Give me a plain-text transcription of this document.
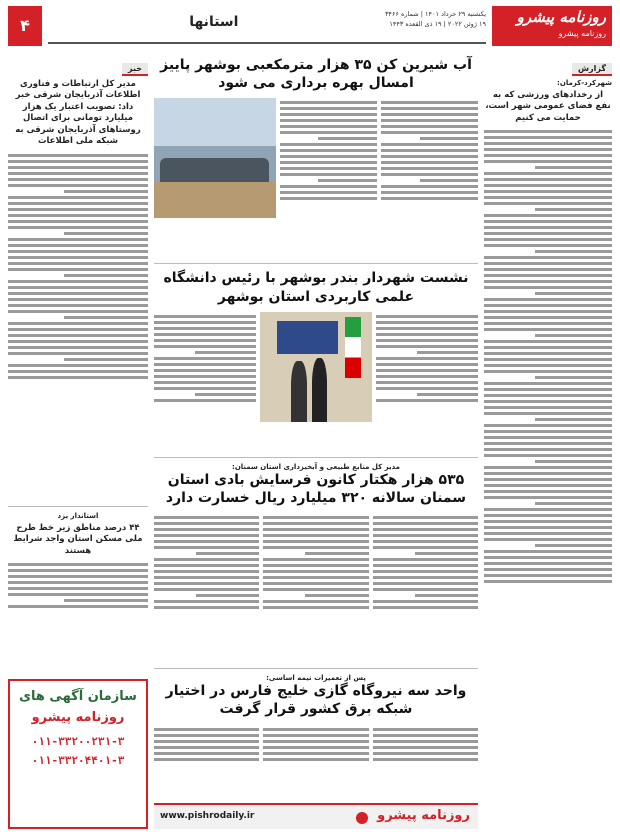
روزنامه پیشرو
روزنامه پیشرو
یکشنبه ۲۹ خرداد ۱۴۰۱ | شماره ۳۴۶۶
۱۹ ژوئن ۲۰۲۲ | ۱۹ ذی القعده ۱۴۴۳
استانها
۴
گزارش
شهرکرد-کرمان:
از رخدادهای ورزشی که به نفع فضای عمومی شهر است، حمایت می کنیم
خبر
مدیر کل ارتباطات و فناوری اطلاعات آذربایجان شرقی خبر داد: تصویب اعتبار یک هزار میلیارد تومانی برای اتصال روستاهای آذربایجان شرقی به شبکه ملی اطلاعات
استاندار یزد
۴۴ درصد مناطق زیر خط طرح ملی مسکن استان واجد شرایط هستند
سازمان آگهی های
روزنامه پیشرو
۰۱۱-۳۳۲۰۰۲۳۱-۳
۰۱۱-۳۳۲۰۴۴۰۱-۳
آب شیرین کن ۳۵ هزار مترمکعبی بوشهر پاییز امسال بهره برداری می شود
نشست شهردار بندر بوشهر با رئیس دانشگاه علمی کاربردی استان بوشهر
مدیر کل منابع طبیعی و آبخیزداری استان سمنان:
۵۳۵ هزار هکتار کانون فرسایش بادی استان سمنان سالانه ۳۲۰ میلیارد ریال خسارت دارد
پس از تعمیرات نیمه اساسی:
واحد سه نیروگاه گازی خلیج فارس در اختیار شبکه برق کشور قرار گرفت
روزنامه پیشرو
www.pishrodaily.ir
